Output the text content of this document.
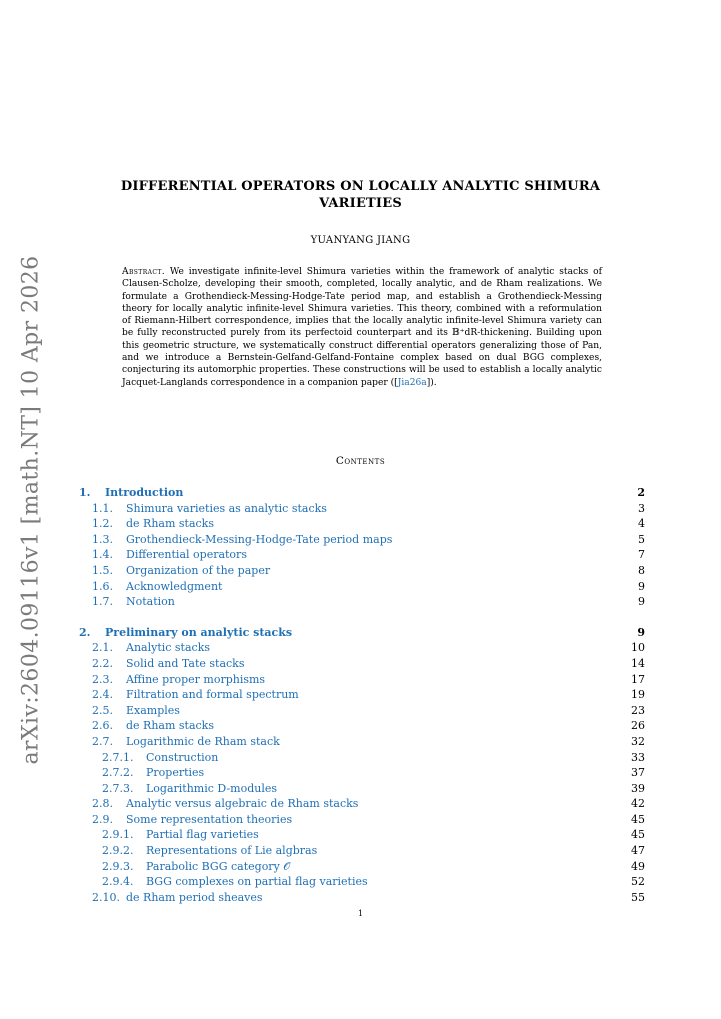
arXiv:2604.09116v1 [math.NT] 10 Apr 2026
DIFFERENTIAL OPERATORS ON LOCALLY ANALYTIC SHIMURA
VARIETIES
YUANYANG JIANG
Abstract. We investigate infinite-level Shimura varieties within the framework of analytic stacks of Clausen-Scholze, developing their smooth, completed, locally analytic, and de Rham realizations. We formulate a Grothendieck-Messing-Hodge-Tate period map, and establish a Grothendieck-Messing theory for locally analytic infinite-level Shimura varieties. This theory, combined with a reformulation of Riemann-Hilbert correspondence, implies that the locally analytic infinite-level Shimura variety can be fully reconstructed purely from its perfectoid counterpart and its 𝔹⁺dR-thickening. Building upon this geometric structure, we systematically construct differential operators generalizing those of Pan, and we introduce a Bernstein-Gelfand-Gelfand-Fontaine complex based on dual BGG complexes, conjecturing its automorphic properties. These constructions will be used to establish a locally analytic Jacquet-Langlands correspondence in a companion paper ([Jia26a]).
Contents
1. Introduction	2
1.1. Shimura varieties as analytic stacks	3
1.2. de Rham stacks	4
1.3. Grothendieck-Messing-Hodge-Tate period maps	5
1.4. Differential operators	7
1.5. Organization of the paper	8
1.6. Acknowledgment	9
1.7. Notation	9
2. Preliminary on analytic stacks	9
2.1. Analytic stacks	10
2.2. Solid and Tate stacks	14
2.3. Affine proper morphisms	17
2.4. Filtration and formal spectrum	19
2.5. Examples	23
2.6. de Rham stacks	26
2.7. Logarithmic de Rham stack	32
2.7.1. Construction	33
2.7.2. Properties	37
2.7.3. Logarithmic D-modules	39
2.8. Analytic versus algebraic de Rham stacks	42
2.9. Some representation theories	45
2.9.1. Partial flag varieties	45
2.9.2. Representations of Lie algbras	47
2.9.3. Parabolic BGG category 𝒪	49
2.9.4. BGG complexes on partial flag varieties	52
2.10. de Rham period sheaves	55
1
